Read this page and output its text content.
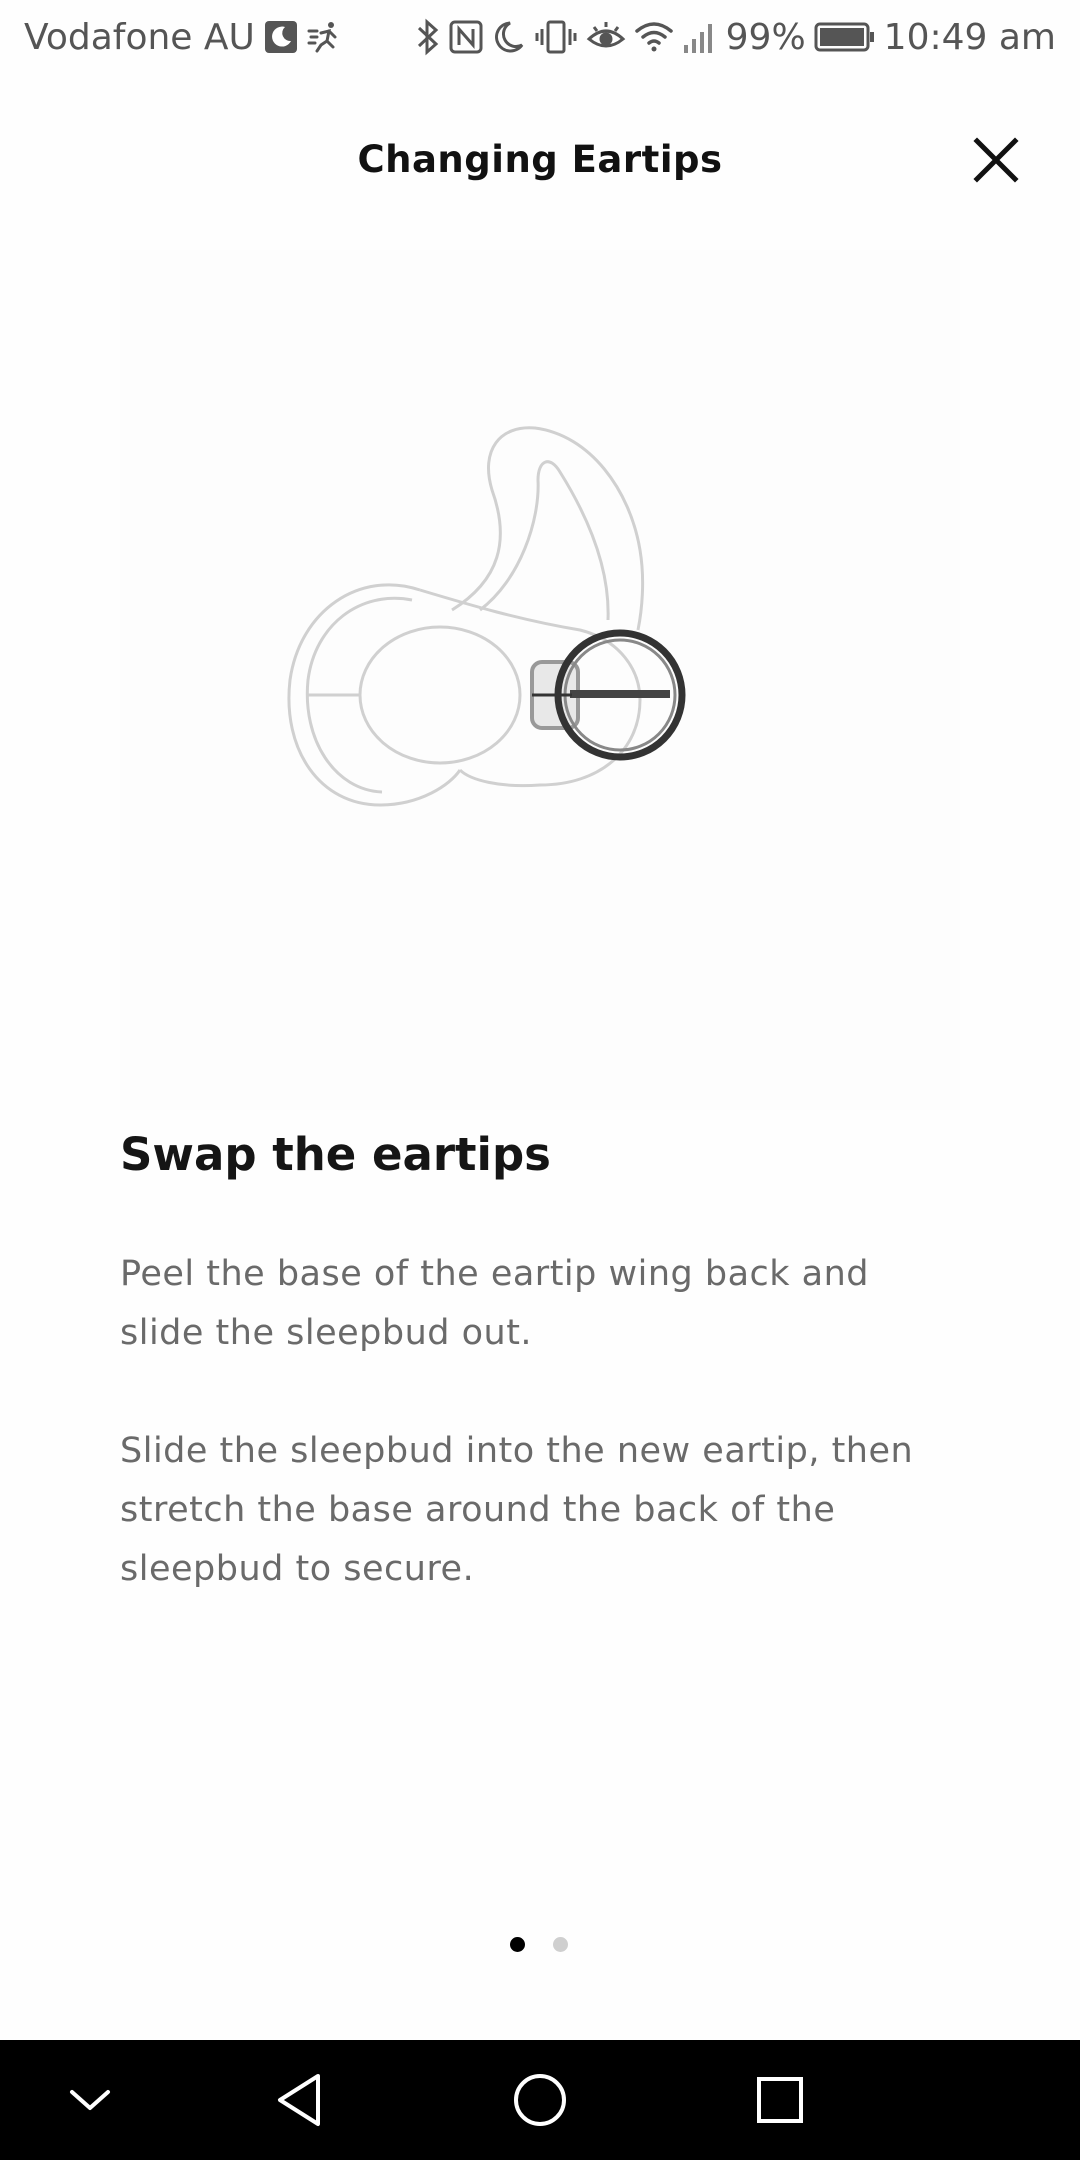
Vodafone AU	99% 10:49 am
Changing Eartips
Swap the eartips

Peel the base of the eartip wing back and slide the sleepbud out.

Slide the sleepbud into the new eartip, then stretch the base around the back of the sleepbud to secure.
